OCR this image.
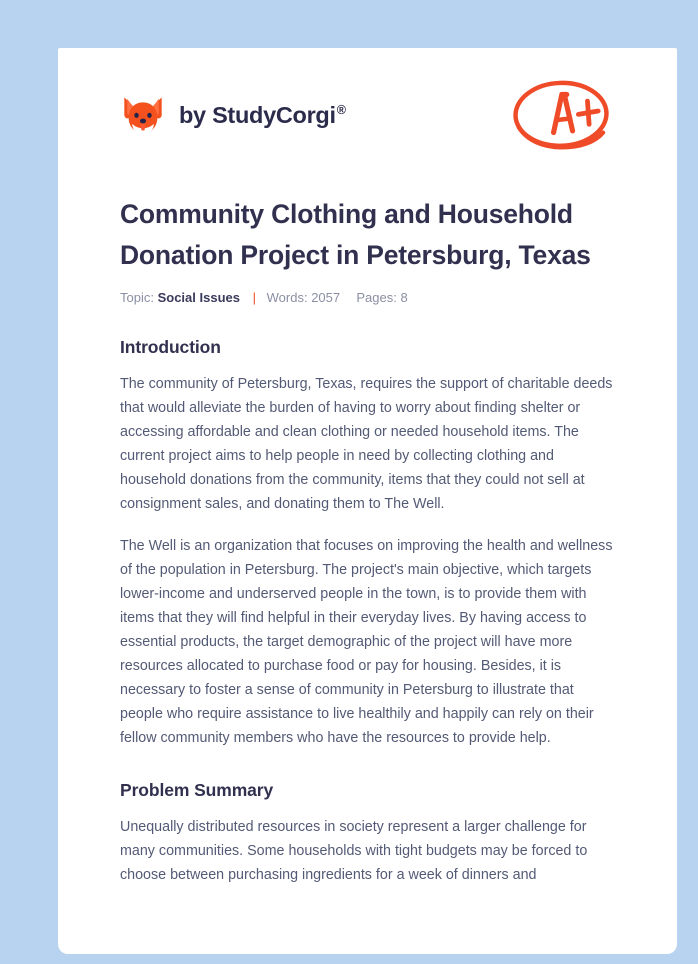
by StudyCorgi®
Community Clothing and Household Donation Project in Petersburg, Texas
Topic: Social Issues | Words: 2057 Pages: 8
Introduction

The community of Petersburg, Texas, requires the support of charitable deeds that would alleviate the burden of having to worry about finding shelter or accessing affordable and clean clothing or needed household items. The current project aims to help people in need by collecting clothing and household donations from the community, items that they could not sell at consignment sales, and donating them to The Well.

The Well is an organization that focuses on improving the health and wellness of the population in Petersburg. The project's main objective, which targets lower-income and underserved people in the town, is to provide them with items that they will find helpful in their everyday lives. By having access to essential products, the target demographic of the project will have more resources allocated to purchase food or pay for housing. Besides, it is necessary to foster a sense of community in Petersburg to illustrate that people who require assistance to live healthily and happily can rely on their fellow community members who have the resources to provide help.

Problem Summary

Unequally distributed resources in society represent a larger challenge for many communities. Some households with tight budgets may be forced to choose between purchasing ingredients for a week of dinners and
